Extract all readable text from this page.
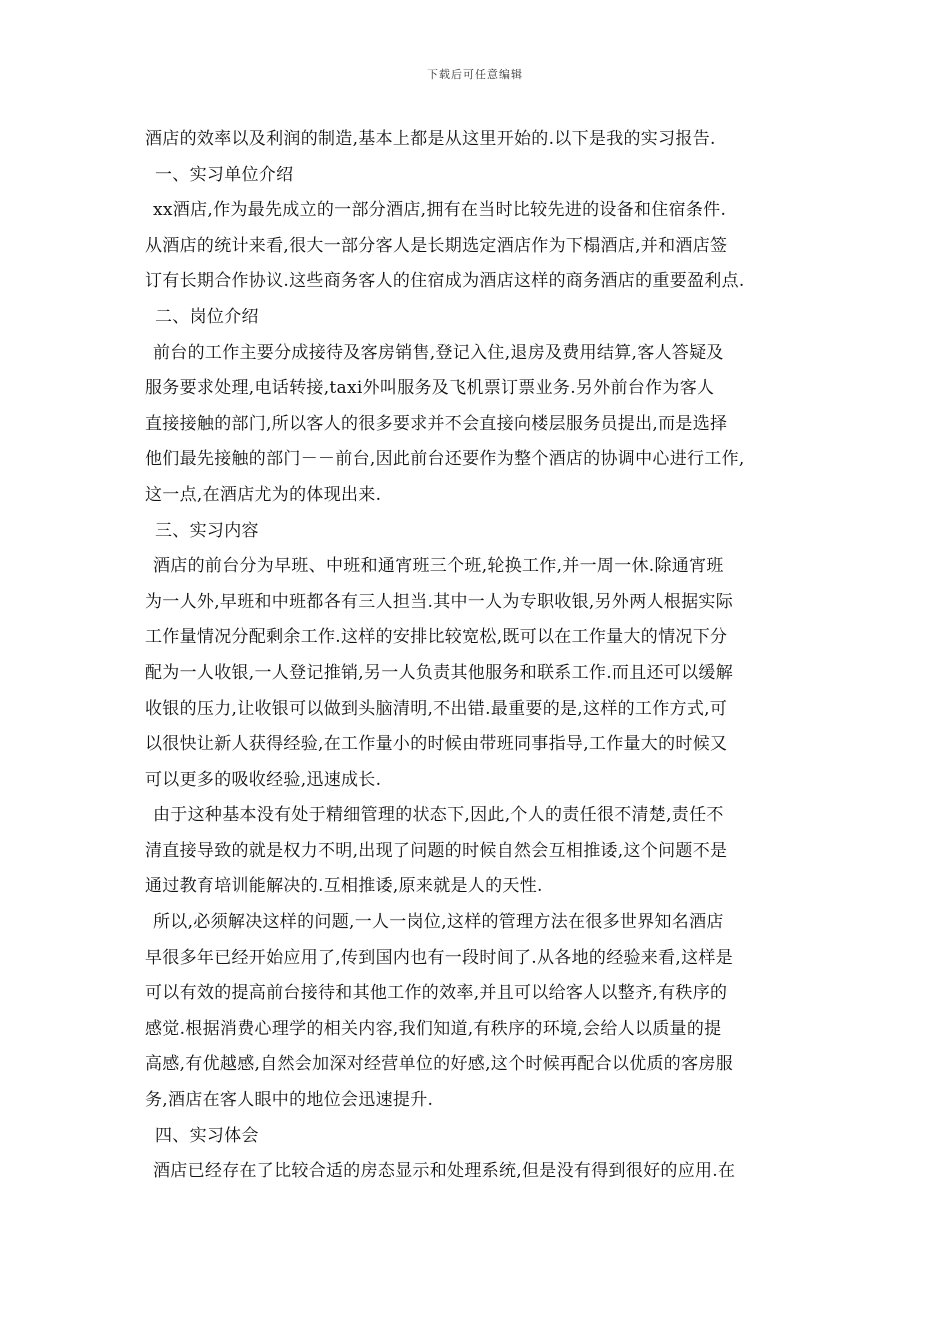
下载后可任意编辑
酒店的效率以及利润的制造,基本上都是从这里开始的.以下是我的实习报告.
一、实习单位介绍
xx酒店,作为最先成立的一部分酒店,拥有在当时比较先进的设备和住宿条件.
从酒店的统计来看,很大一部分客人是长期选定酒店作为下榻酒店,并和酒店签
订有长期合作协议.这些商务客人的住宿成为酒店这样的商务酒店的重要盈利点.
二、岗位介绍
前台的工作主要分成接待及客房销售,登记入住,退房及费用结算,客人答疑及
服务要求处理,电话转接,taxi外叫服务及飞机票订票业务.另外前台作为客人
直接接触的部门,所以客人的很多要求并不会直接向楼层服务员提出,而是选择
他们最先接触的部门－－前台,因此前台还要作为整个酒店的协调中心进行工作,
这一点,在酒店尤为的体现出来.
三、实习内容
酒店的前台分为早班、中班和通宵班三个班,轮换工作,并一周一休.除通宵班
为一人外,早班和中班都各有三人担当.其中一人为专职收银,另外两人根据实际
工作量情况分配剩余工作.这样的安排比较宽松,既可以在工作量大的情况下分
配为一人收银,一人登记推销,另一人负责其他服务和联系工作.而且还可以缓解
收银的压力,让收银可以做到头脑清明,不出错.最重要的是,这样的工作方式,可
以很快让新人获得经验,在工作量小的时候由带班同事指导,工作量大的时候又
可以更多的吸收经验,迅速成长.
由于这种基本没有处于精细管理的状态下,因此,个人的责任很不清楚,责任不
清直接导致的就是权力不明,出现了问题的时候自然会互相推诿,这个问题不是
通过教育培训能解决的.互相推诿,原来就是人的天性.
所以,必须解决这样的问题,一人一岗位,这样的管理方法在很多世界知名酒店
早很多年已经开始应用了,传到国内也有一段时间了.从各地的经验来看,这样是
可以有效的提高前台接待和其他工作的效率,并且可以给客人以整齐,有秩序的
感觉.根据消费心理学的相关内容,我们知道,有秩序的环境,会给人以质量的提
高感,有优越感,自然会加深对经营单位的好感,这个时候再配合以优质的客房服
务,酒店在客人眼中的地位会迅速提升.
四、实习体会
酒店已经存在了比较合适的房态显示和处理系统,但是没有得到很好的应用.在
